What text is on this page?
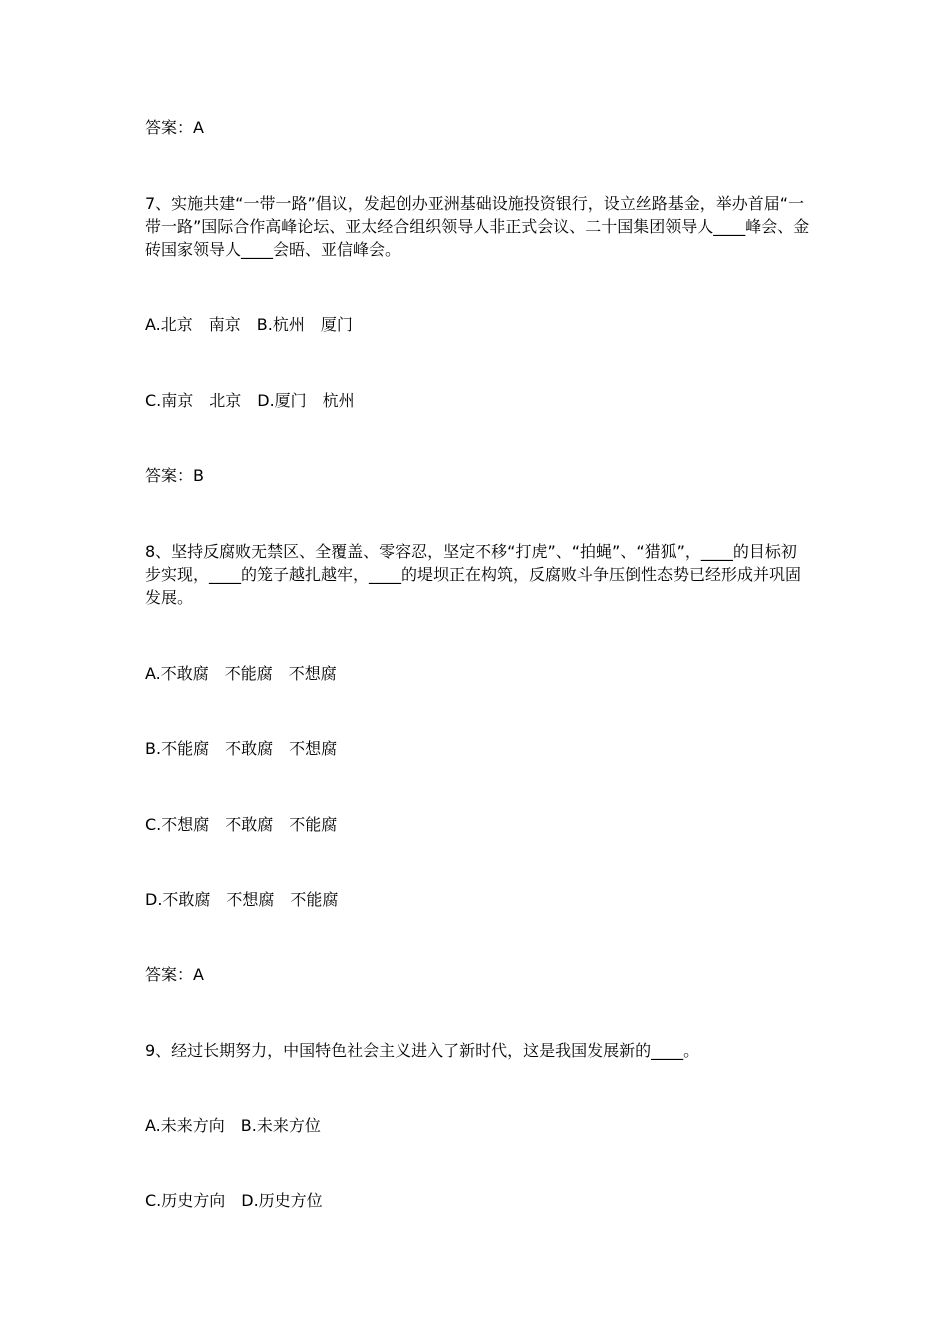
答案：A
7、实施共建“一带一路”倡议，发起创办亚洲基础设施投资银行，设立丝路基金，举办首届“一带一路”国际合作高峰论坛、亚太经合组织领导人非正式会议、二十国集团领导人____峰会、金砖国家领导人____会晤、亚信峰会。
A.北京　南京　B.杭州　厦门
C.南京　北京　D.厦门　杭州
答案：B
8、坚持反腐败无禁区、全覆盖、零容忍，坚定不移“打虎”、“拍蝇”、“猎狐”，____的目标初步实现，____的笼子越扎越牢，____的堤坝正在构筑，反腐败斗争压倒性态势已经形成并巩固发展。
A.不敢腐　不能腐　不想腐
B.不能腐　不敢腐　不想腐
C.不想腐　不敢腐　不能腐
D.不敢腐　不想腐　不能腐
答案：A
9、经过长期努力，中国特色社会主义进入了新时代，这是我国发展新的____。
A.未来方向　B.未来方位
C.历史方向　D.历史方位
